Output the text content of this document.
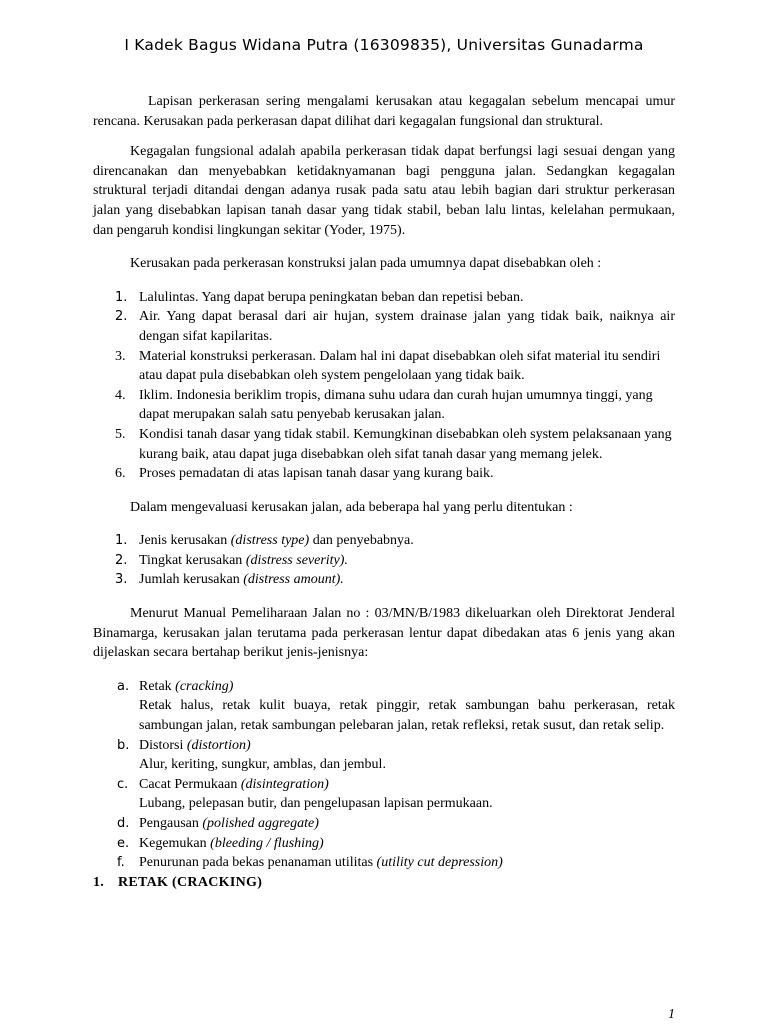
I Kadek Bagus Widana Putra (16309835), Universitas Gunadarma

Lapisan perkerasan sering mengalami kerusakan atau kegagalan sebelum mencapai umur rencana. Kerusakan pada perkerasan dapat dilihat dari kegagalan fungsional dan struktural.

Kegagalan fungsional adalah apabila perkerasan tidak dapat berfungsi lagi sesuai dengan yang direncanakan dan menyebabkan ketidaknyamanan bagi pengguna jalan. Sedangkan kegagalan struktural terjadi ditandai dengan adanya rusak pada satu atau lebih bagian dari struktur perkerasan jalan yang disebabkan lapisan tanah dasar yang tidak stabil, beban lalu lintas, kelelahan permukaan, dan pengaruh kondisi lingkungan sekitar (Yoder, 1975).

Kerusakan pada perkerasan konstruksi jalan pada umumnya dapat disebabkan oleh :

1. Lalulintas. Yang dapat berupa peningkatan beban dan repetisi beban.
2. Air. Yang dapat berasal dari air hujan, system drainase jalan yang tidak baik, naiknya air dengan sifat kapilaritas.
3. Material konstruksi perkerasan. Dalam hal ini dapat disebabkan oleh sifat material itu sendiri atau dapat pula disebabkan oleh system pengelolaan yang tidak baik.
4. Iklim. Indonesia beriklim tropis, dimana suhu udara dan curah hujan umumnya tinggi, yang dapat merupakan salah satu penyebab kerusakan jalan.
5. Kondisi tanah dasar yang tidak stabil. Kemungkinan disebabkan oleh system pelaksanaan yang kurang baik, atau dapat juga disebabkan oleh sifat tanah dasar yang memang jelek.
6. Proses pemadatan di atas lapisan tanah dasar yang kurang baik.

Dalam mengevaluasi kerusakan jalan, ada beberapa hal yang perlu ditentukan :

1. Jenis kerusakan (distress type) dan penyebabnya.
2. Tingkat kerusakan (distress severity).
3. Jumlah kerusakan (distress amount).

Menurut Manual Pemeliharaan Jalan no : 03/MN/B/1983 dikeluarkan oleh Direktorat Jenderal Binamarga, kerusakan jalan terutama pada perkerasan lentur dapat dibedakan atas 6 jenis yang akan dijelaskan secara bertahap berikut jenis-jenisnya:

a. Retak (cracking)
Retak halus, retak kulit buaya, retak pinggir, retak sambungan bahu perkerasan, retak sambungan jalan, retak sambungan pelebaran jalan, retak refleksi, retak susut, dan retak selip.
b. Distorsi (distortion)
Alur, keriting, sungkur, amblas, dan jembul.
c. Cacat Permukaan (disintegration)
Lubang, pelepasan butir, dan pengelupasan lapisan permukaan.
d. Pengausan (polished aggregate)
e. Kegemukan (bleeding / flushing)
f. Penurunan pada bekas penanaman utilitas (utility cut depression)
1. RETAK (CRACKING)
1
